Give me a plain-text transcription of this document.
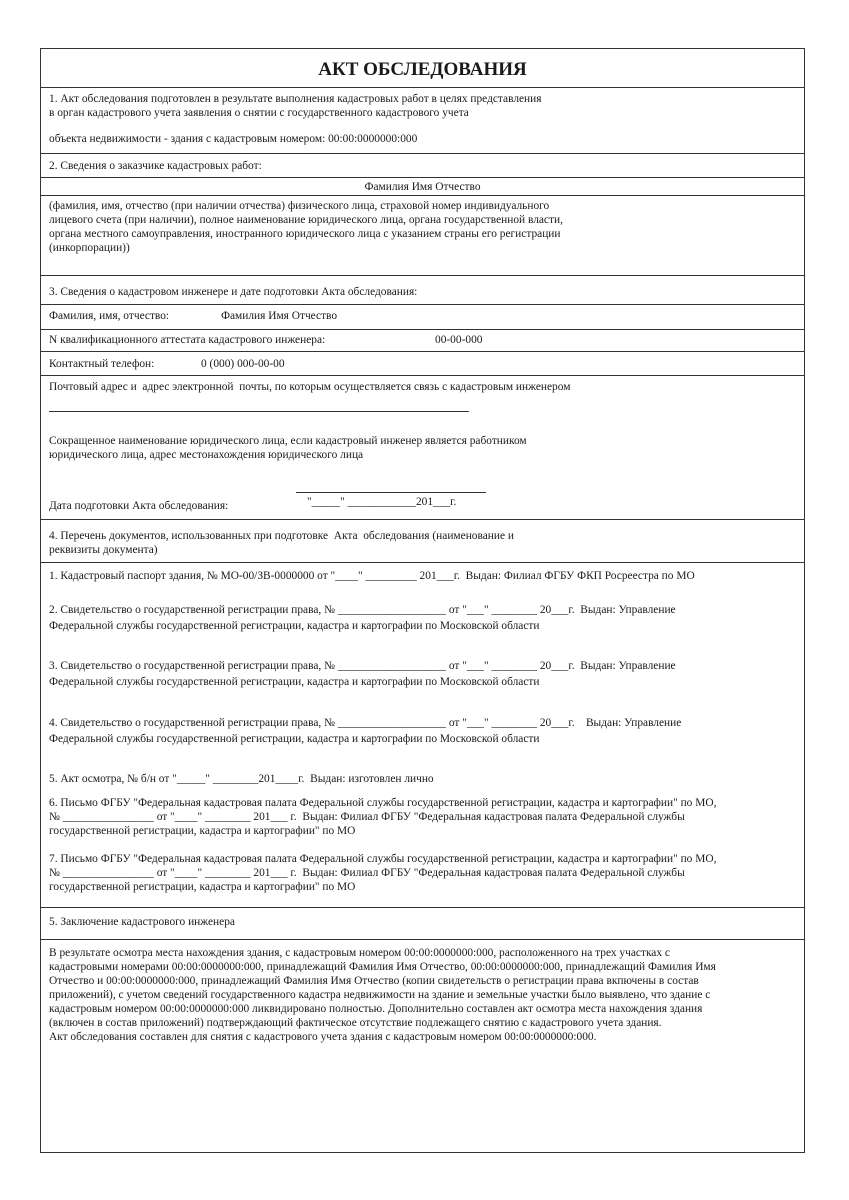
АКТ ОБСЛЕДОВАНИЯ
1. Акт обследования подготовлен в результате выполнения кадастровых работ в целях представления
в орган кадастрового учета заявления о снятии с государственного кадастрового учета
объекта недвижимости - здания с кадастровым номером: 00:00:0000000:000
2. Сведения о заказчике кадастровых работ:
Фамилия Имя Отчество
(фамилия, имя, отчество (при наличии отчества) физического лица, страховой номер индивидуального
лицевого счета (при наличии), полное наименование юридического лица, органа государственной власти,
органа местного самоуправления, иностранного юридического лица с указанием страны его регистрации
(инкорпорации))
3. Сведения о кадастровом инженере и дате подготовки Акта обследования:
Фамилия, имя, отчество:	Фамилия Имя Отчество
N квалификационного аттестата кадастрового инженера:	00-00-000
Контактный телефон:	0 (000) 000-00-00
Почтовый адрес и  адрес электронной  почты, по которым осуществляется связь с кадастровым инженером
Сокращенное наименование юридического лица, если кадастровый инженер является работником
юридического лица, адрес местонахождения юридического лица
Дата подготовки Акта обследования:	"_____" ____________201___г.
4. Перечень документов, использованных при подготовке  Акта  обследования (наименование и
реквизиты документа)
1. Кадастровый паспорт здания, № МО-00/ЗВ-0000000 от "____" _________ 201___г.  Выдан: Филиал ФГБУ ФКП Росреестра по МО
2. Свидетельство о государственной регистрации права, № ___________________ от "___" ________ 20___г.  Выдан: Управление
Федеральной службы государственной регистрации, кадастра и картографии по Московской области
3. Свидетельство о государственной регистрации права, № ___________________ от "___" ________ 20___г.  Выдан: Управление
Федеральной службы государственной регистрации, кадастра и картографии по Московской области
4. Свидетельство о государственной регистрации права, № ___________________ от "___" ________ 20___г.    Выдан: Управление
Федеральной службы государственной регистрации, кадастра и картографии по Московской области
5. Акт осмотра, № б/н от "_____" ________201____г.  Выдан: изготовлен лично
6. Письмо ФГБУ "Федеральная кадастровая палата Федеральной службы государственной регистрации, кадастра и картографии" по МО,
№ ________________ от "____" ________ 201___ г.  Выдан: Филиал ФГБУ "Федеральная кадастровая палата Федеральной службы
государственной регистрации, кадастра и картографии" по МО
7. Письмо ФГБУ "Федеральная кадастровая палата Федеральной службы государственной регистрации, кадастра и картографии" по МО,
№ ________________ от "____" ________ 201___ г.  Выдан: Филиал ФГБУ "Федеральная кадастровая палата Федеральной службы
государственной регистрации, кадастра и картографии" по МО
5. Заключение кадастрового инженера
В результате осмотра места нахождения здания, с кадастровым номером 00:00:0000000:000, расположенного на трех участках с
кадастровыми номерами 00:00:0000000:000, принадлежащий Фамилия Имя Отчество, 00:00:0000000:000, принадлежащий Фамилия Имя
Отчество и 00:00:0000000:000, принадлежащий Фамилия Имя Отчество (копии свидетельств о регистрации права вкпючены в состав
приложений), с учетом сведений государственного кадастра недвижимости на здание и земельные участки было выявлено, что здание с
кадастровым номером 00:00:0000000:000 ликвидировано полностью. Дополнительно составлен акт осмотра места нахождения здания
(включен в состав приложений) подтверждающий фактическое отсутствие подлежащего снятию с кадастрового учета здания.
Акт обследования составлен для снятия с кадастрового учета здания с кадастровым номером 00:00:0000000:000.
